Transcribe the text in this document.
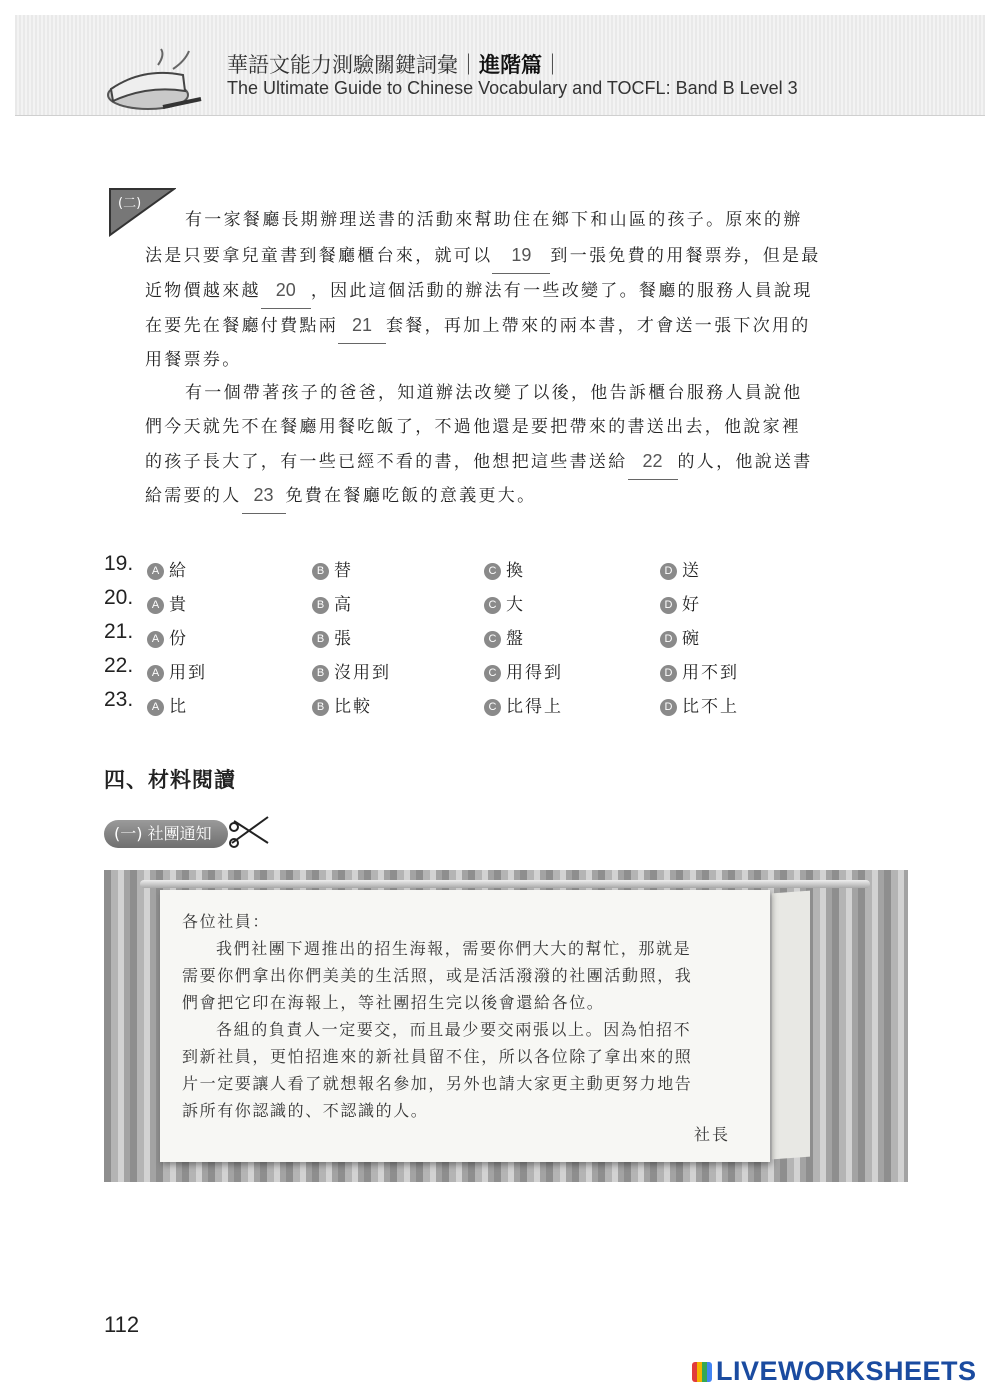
華語文能力測驗關鍵詞彙｜進階篇｜
The Ultimate Guide to Chinese Vocabulary and TOCFL: Band B Level 3
(二)
有一家餐廳長期辦理送書的活動來幫助住在鄉下和山區的孩子。原來的辦
法是只要拿兒童書到餐廳櫃台來，就可以 19 到一張免費的用餐票券，但是最
近物價越來越 20 ，因此這個活動的辦法有一些改變了。餐廳的服務人員說現
在要先在餐廳付費點兩 21 套餐，再加上帶來的兩本書，才會送一張下次用的
用餐票券。
有一個帶著孩子的爸爸，知道辦法改變了以後，他告訴櫃台服務人員說他
們今天就先不在餐廳用餐吃飯了，不過他還是要把帶來的書送出去，他說家裡
的孩子長大了，有一些已經不看的書，他想把這些書送給 22 的人，他說送書
給需要的人 23 免費在餐廳吃飯的意義更大。
19.	A 給	B 替	C 換	D 送
20.	A 貴	B 高	C 大	D 好
21.	A 份	B 張	C 盤	D 碗
22.	A 用到	B 沒用到	C 用得到	D 用不到
23.	A 比	B 比較	C 比得上	D 比不上
四、材料閱讀
(一) 社團通知
各位社員：
我們社團下週推出的招生海報，需要你們大大的幫忙，那就是
需要你們拿出你們美美的生活照，或是活活潑潑的社團活動照，我
們會把它印在海報上，等社團招生完以後會還給各位。
各組的負責人一定要交，而且最少要交兩張以上。因為怕招不
到新社員，更怕招進來的新社員留不住，所以各位除了拿出來的照
片一定要讓人看了就想報名參加，另外也請大家更主動更努力地告
訴所有你認識的、不認識的人。
社長
112
LIVEWORKSHEETS
